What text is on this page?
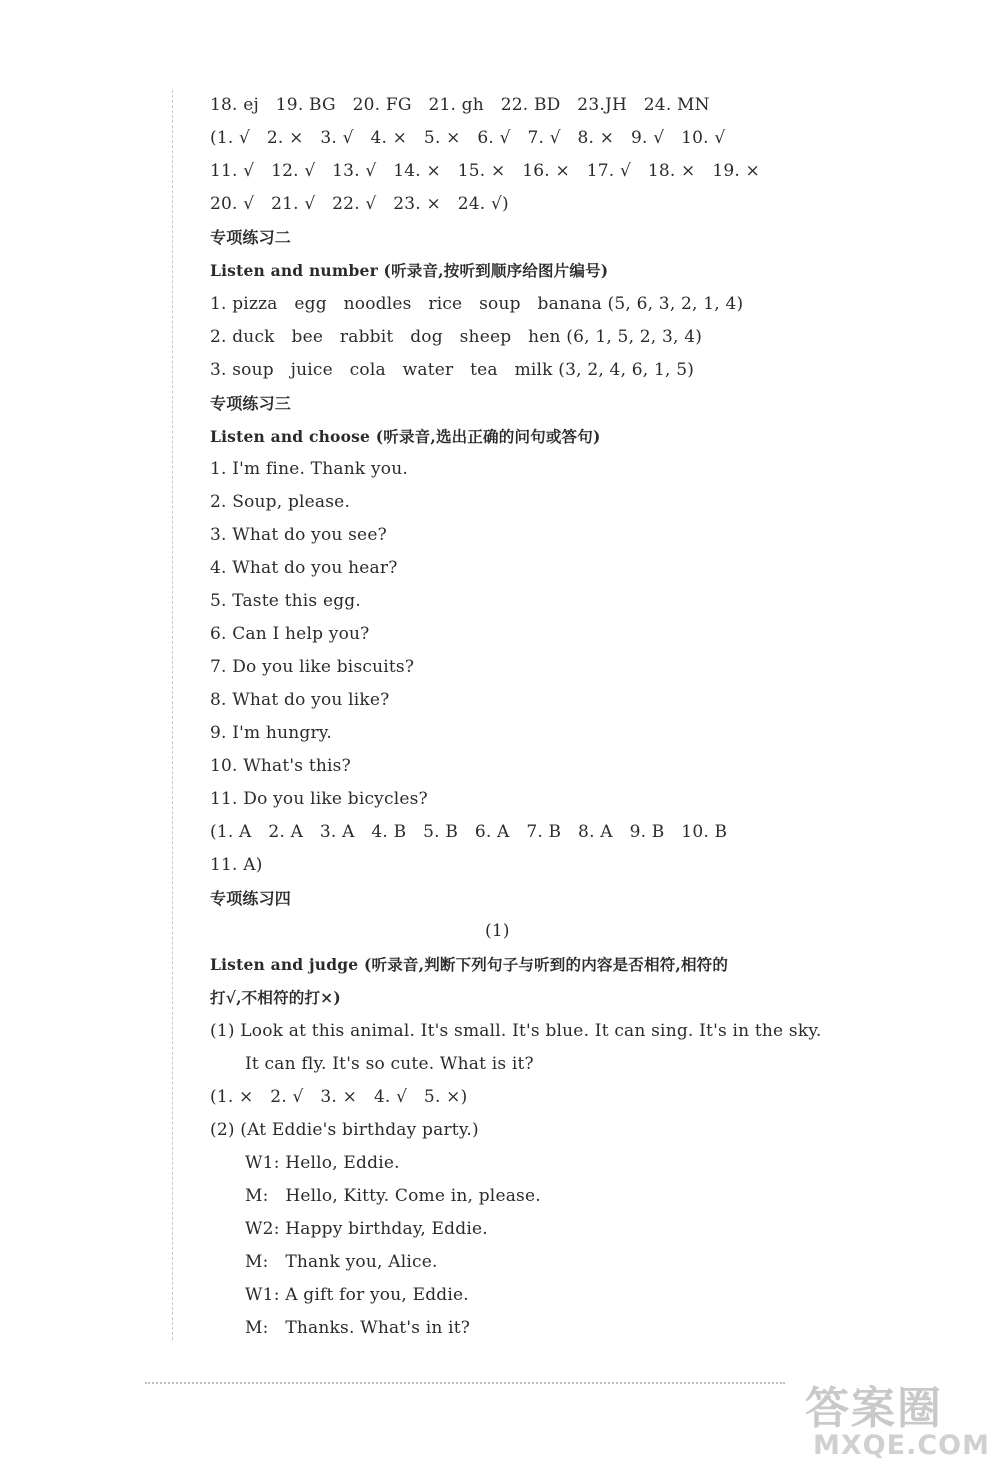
18. ej   19. BG   20. FG   21. gh   22. BD   23.JH   24. MN
(1. √   2. ×   3. √   4. ×   5. ×   6. √   7. √   8. ×   9. √   10. √
11. √   12. √   13. √   14. ×   15. ×   16. ×   17. √   18. ×   19. ×
20. √   21. √   22. √   23. ×   24. √)
专项练习二
Listen and number (听录音,按听到顺序给图片编号)
1. pizza   egg   noodles   rice   soup   banana (5, 6, 3, 2, 1, 4)
2. duck   bee   rabbit   dog   sheep   hen (6, 1, 5, 2, 3, 4)
3. soup   juice   cola   water   tea   milk (3, 2, 4, 6, 1, 5)
专项练习三
Listen and choose (听录音,选出正确的问句或答句)
1. I'm fine. Thank you.
2. Soup, please.
3. What do you see?
4. What do you hear?
5. Taste this egg.
6. Can I help you?
7. Do you like biscuits?
8. What do you like?
9. I'm hungry.
10. What's this?
11. Do you like bicycles?
(1. A   2. A   3. A   4. B   5. B   6. A   7. B   8. A   9. B   10. B
11. A)
专项练习四
(1)
Listen and judge (听录音,判断下列句子与听到的内容是否相符,相符的
打√,不相符的打×)
(1) Look at this animal. It's small. It's blue. It can sing. It's in the sky.
It can fly. It's so cute. What is it?
(1. ×   2. √   3. ×   4. √   5. ×)
(2) (At Eddie's birthday party.)
W1: Hello, Eddie.
M:   Hello, Kitty. Come in, please.
W2: Happy birthday, Eddie.
M:   Thank you, Alice.
W1: A gift for you, Eddie.
M:   Thanks. What's in it?
答案圈
MXQE.COM
